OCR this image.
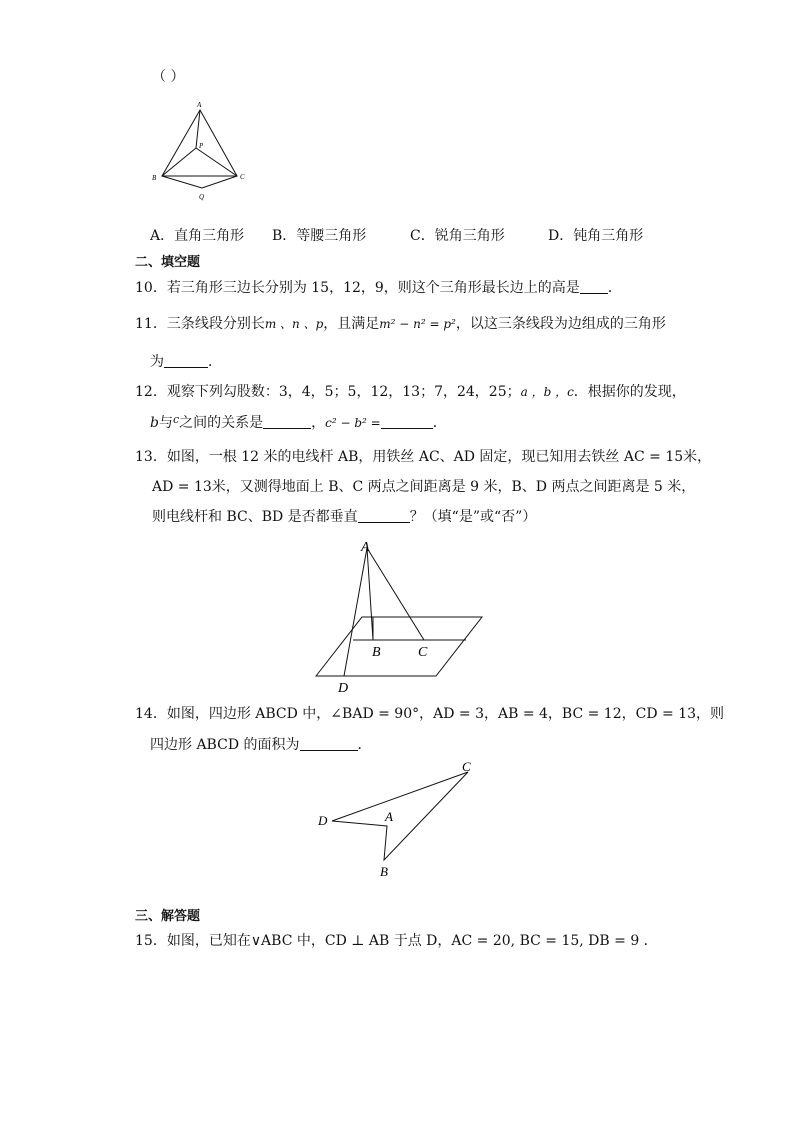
（ ）
A
P
B	C
Q
A．直角三角形 B．等腰三角形	C．锐角三角形	D．钝角三角形
二、填空题
10．若三角形三边长分别为 15，12，9，则这个三角形最长边上的高是 ．
11．三条线段分别长m 、n 、p，且满足m² − n² = p²，以这三条线段为边组成的三角形
为	．
12．观察下列勾股数：3，4，5；5，12，13；7，24，25；a ，b ，c．根据你的发现，
b与$^c$之间的关系是	，c² − b² =	．
13．如图，一根 12 米的电线杆 AB，用铁丝 AC、AD 固定，现已知用去铁丝 AC = 15米，
AD = 13米，又测得地面上 B、C 两点之间距离是 9 米，B、D 两点之间距离是 5 米，
则电线杆和 BC、BD 是否都垂直	？（填“是”或“否”）
A
B	C
D
14．如图，四边形 ABCD 中，∠BAD = 90°，AD = 3，AB = 4，BC = 12，CD = 13，则
四边形 ABCD 的面积为	．
C
D	A
B
三、解答题
15．如图，已知在∨ABC 中，CD ⊥ AB 于点 D，AC = 20, BC = 15, DB = 9 ．
